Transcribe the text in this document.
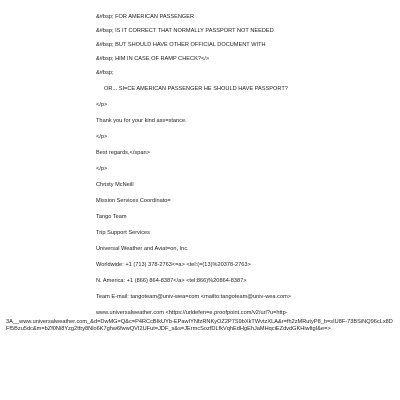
&#bsp; FOR AMERICAN PASSENGER
&#bsp; IS IT CORRECT THAT NORMALLY PASSPORT NOT NEEDED
&#bsp; BUT SHOULD HAVE OTHER OFFICIAL DOCUMENT WITH
&#bsp; HIM IN CASE OF RAMP CHECK?</>
&#bsp;
OR... SI=CE AMERICAN PASSENGER HE SHOULD HAVE PASSPORT?
</p>
Thank you for your kind ass=stance.
</p>
Best regards,</span>
</p>
Christy McNeill
Mission Services Coordinato=
Tango Team
Trip Support Services
Universal Weather and Aviat=on, Inc.
Worldwide: +1 (713) 378-2763<=a> <tel:(=(13)%20378-2763>
N. America: +1 (866) 864-8387</a> <tel:866)%20864-8387>
Team E-mail: tangoteam@univ-wea=com <mailto:tangoteam@univ-wea.com>
www.universalweather.com <https://urldefen=e.proofpoint.com/v2/url?u=http-
3A__www.universalweather.com_&d=DwMG=Q&c=P4RCcBIkUYb-EPawIYNfzRNKyOZ2P7S9bXkTWvtzXLA&r=fh2zMRutyP8_b=sIU8F-73BSiNQ96cLx8DFf5Bzu5dc&m=bZf0Ni8Yzg2tfry8Nlo6K7ghw6fwwQVI2UFut=JDF_s&s=JErmcSozfDLfkVqhEdHgEhJaMHqciEZdvdGKHiwltgI&e=>
